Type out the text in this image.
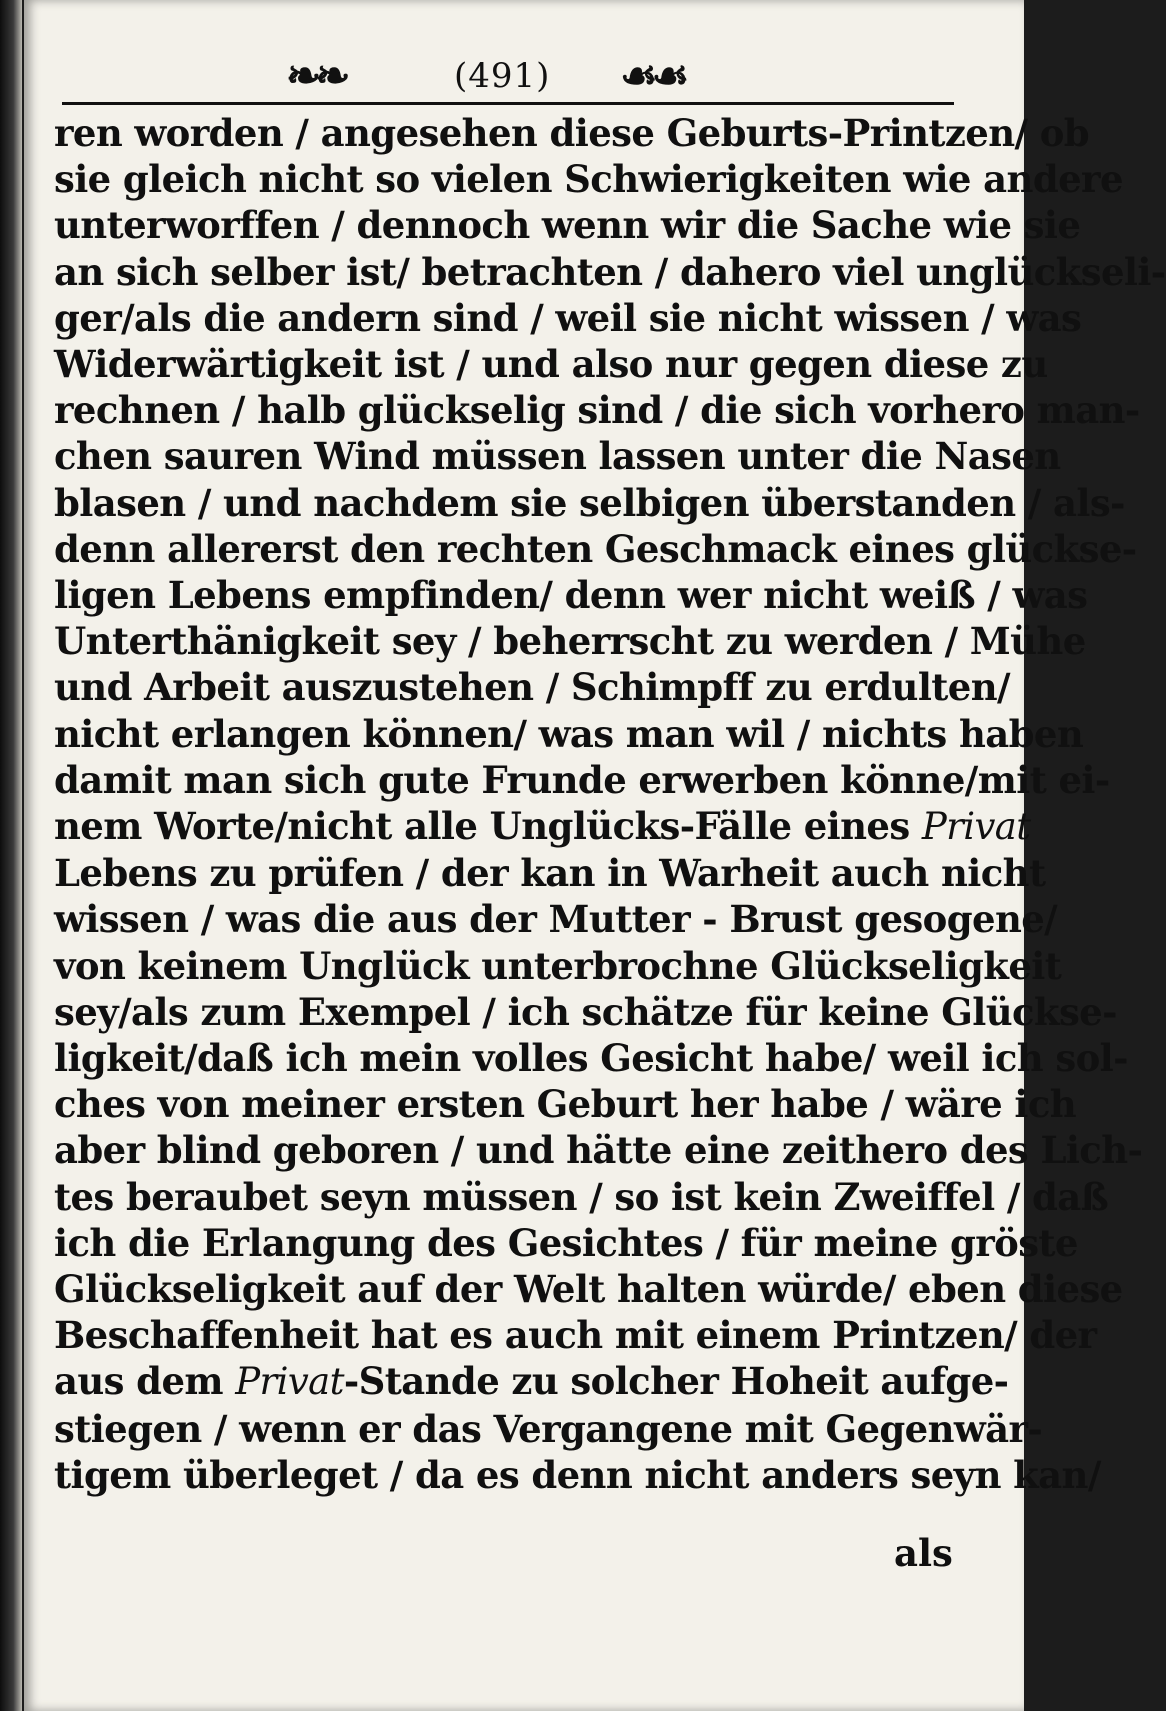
❧❧	(491) ☙☙
ren worden / angesehen diese Geburts-Printzen/ ob
sie gleich nicht so vielen Schwierigkeiten wie andere
unterworffen / dennoch wenn wir die Sache wie sie
an sich selber ist/ betrachten / dahero viel unglückseli-
ger/als die andern sind / weil sie nicht wissen / was
Widerwärtigkeit ist / und also nur gegen diese zu
rechnen / halb glückselig sind / die sich vorhero man-
chen sauren Wind müssen lassen unter die Nasen
blasen / und nachdem sie selbigen überstanden / als-
denn allererst den rechten Geschmack eines glückse-
ligen Lebens empfinden/ denn wer nicht weiß / was
Unterthänigkeit sey / beherrscht zu werden / Mühe
und Arbeit auszustehen / Schimpff zu erdulten/
nicht erlangen können/ was man wil / nichts haben
damit man sich gute Frunde erwerben könne/mit ei-
nem Worte/nicht alle Unglücks-Fälle eines Privat
Lebens zu prüfen / der kan in Warheit auch nicht
wissen / was die aus der Mutter - Brust gesogene/
von keinem Unglück unterbrochne Glückseligkeit
sey/als zum Exempel / ich schätze für keine Glückse-
ligkeit/daß ich mein volles Gesicht habe/ weil ich sol-
ches von meiner ersten Geburt her habe / wäre ich
aber blind geboren / und hätte eine zeithero des Lich-
tes beraubet seyn müssen / so ist kein Zweiffel / daß
ich die Erlangung des Gesichtes / für meine gröste
Glückseligkeit auf der Welt halten würde/ eben diese
Beschaffenheit hat es auch mit einem Printzen/ der
aus dem Privat-Stande zu solcher Hoheit aufge-
stiegen / wenn er das Vergangene mit Gegenwär-
tigem überleget / da es denn nicht anders seyn kan/
als
